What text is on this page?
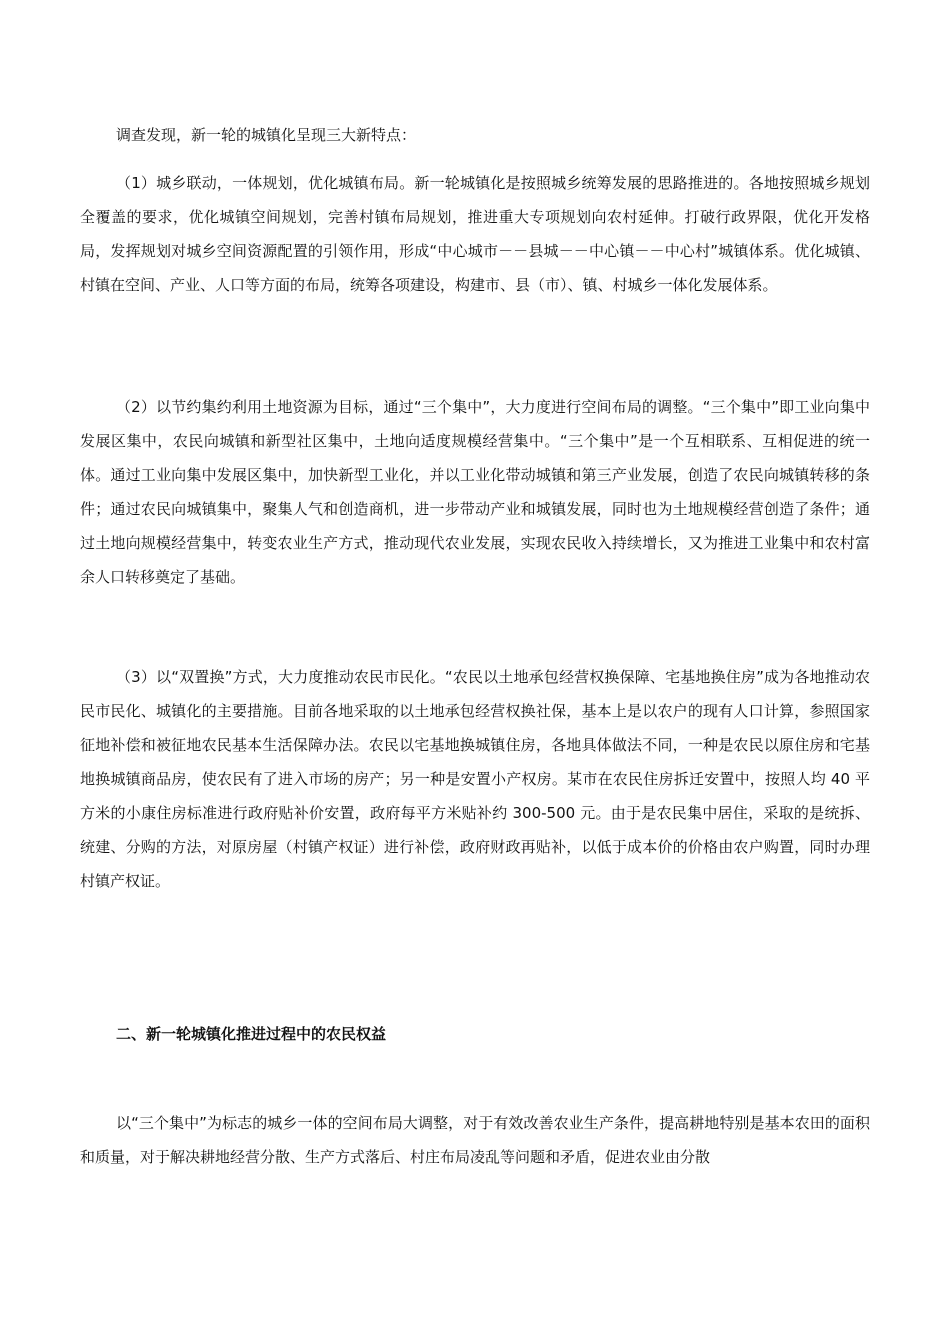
调查发现，新一轮的城镇化呈现三大新特点：

（1）城乡联动，一体规划，优化城镇布局。新一轮城镇化是按照城乡统筹发展的思路推进的。各地按照城乡规划全覆盖的要求，优化城镇空间规划，完善村镇布局规划，推进重大专项规划向农村延伸。打破行政界限，优化开发格局，发挥规划对城乡空间资源配置的引领作用，形成“中心城市－－县城－－中心镇－－中心村”城镇体系。优化城镇、村镇在空间、产业、人口等方面的布局，统筹各项建设，构建市、县（市）、镇、村城乡一体化发展体系。

（2）以节约集约利用土地资源为目标，通过“三个集中”，大力度进行空间布局的调整。“三个集中”即工业向集中发展区集中，农民向城镇和新型社区集中，土地向适度规模经营集中。“三个集中”是一个互相联系、互相促进的统一体。通过工业向集中发展区集中，加快新型工业化，并以工业化带动城镇和第三产业发展，创造了农民向城镇转移的条件；通过农民向城镇集中，聚集人气和创造商机，进一步带动产业和城镇发展，同时也为土地规模经营创造了条件；通过土地向规模经营集中，转变农业生产方式，推动现代农业发展，实现农民收入持续增长，又为推进工业集中和农村富余人口转移奠定了基础。

（3）以“双置换”方式，大力度推动农民市民化。“农民以土地承包经营权换保障、宅基地换住房”成为各地推动农民市民化、城镇化的主要措施。目前各地采取的以土地承包经营权换社保，基本上是以农户的现有人口计算，参照国家征地补偿和被征地农民基本生活保障办法。农民以宅基地换城镇住房，各地具体做法不同，一种是农民以原住房和宅基地换城镇商品房，使农民有了进入市场的房产；另一种是安置小产权房。某市在农民住房拆迁安置中，按照人均 40 平方米的小康住房标准进行政府贴补价安置，政府每平方米贴补约 300-500 元。由于是农民集中居住，采取的是统拆、统建、分购的方法，对原房屋（村镇产权证）进行补偿，政府财政再贴补，以低于成本价的价格由农户购置，同时办理村镇产权证。

二、新一轮城镇化推进过程中的农民权益

以“三个集中”为标志的城乡一体的空间布局大调整，对于有效改善农业生产条件，提高耕地特别是基本农田的面积和质量，对于解决耕地经营分散、生产方式落后、村庄布局凌乱等问题和矛盾，促进农业由分散
